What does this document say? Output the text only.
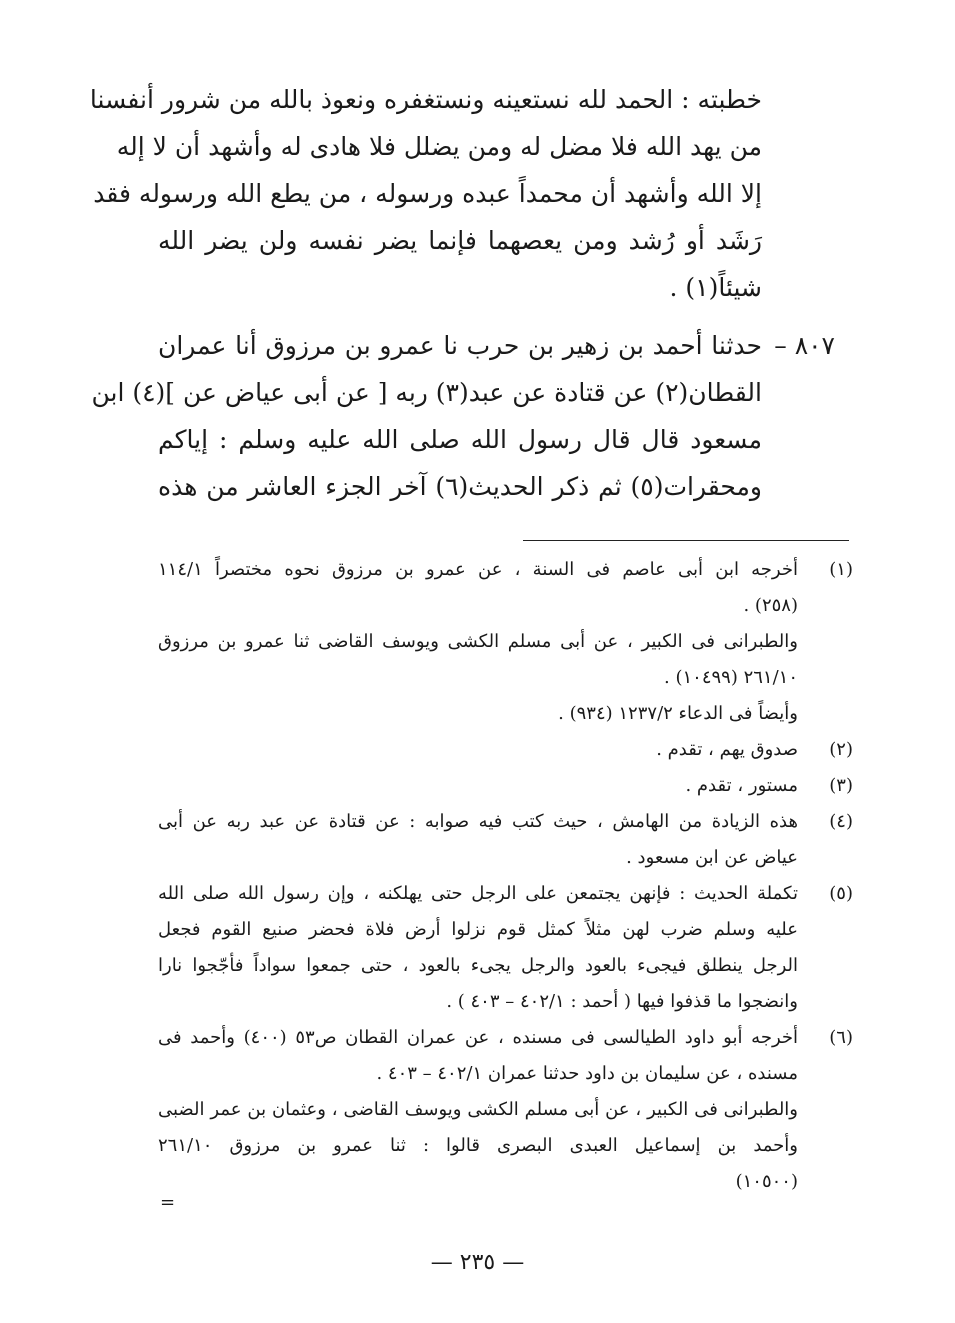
خطبته : الحمد لله نستعينه ونستغفره ونعوذ بالله من شرور أنفسنا
من يهد الله فلا مضل له ومن يضلل فلا هادى له وأشهد أن لا إله
إلا الله وأشهد أن محمداً عبده ورسوله ، من يطع الله ورسوله فقد
رَشَد أو رُشد ومن يعصهما فإنما يضر نفسه ولن يضر الله
شيئاً(١) .
٨٠٧ –
حدثنا أحمد بن زهير بن حرب نا عمرو بن مرزوق أنا عمران
القطان(٢) عن قتادة عن عبد(٣) ربه [ عن أبى عياض عن ](٤) ابن
مسعود قال قال رسول الله صلى الله عليه وسلم : إياكم
ومحقرات(٥) ثم ذكر الحديث(٦) آخر الجزء العاشر من هذه
(١)
أخرجه ابن أبى عاصم فى السنة ، عن عمرو بن مرزوق نحوه مختصراً ١١٤/١
(٢٥٨) .
والطبرانى فى الكبير ، عن أبى مسلم الكشى ويوسف القاضى ثنا عمرو بن مرزوق
٢٦١/١٠ (١٠٤٩٩) .
وأيضاً فى الدعاء ١٢٣٧/٢ (٩٣٤) .
(٢)
صدوق يهم ، تقدم .
(٣)
مستور ، تقدم .
(٤)
هذه الزيادة من الهامش ، حيث كتب فيه صوابه : عن قتادة عن عبد ربه عن أبى
عياض عن ابن مسعود .
(٥)
تكملة الحديث : فإنهن يجتمعن على الرجل حتى يهلكنه ، وإن رسول الله صلى الله
عليه وسلم ضرب لهن مثلاً كمثل قوم نزلوا أرض فلاة فحضر صنيع القوم فجعل
الرجل ينطلق فيجىء بالعود والرجل يجىء بالعود ، حتى جمعوا سواداً فأجّجوا نارا
وانضجوا ما قذفوا فيها ( أحمد : ٤٠٢/١ – ٤٠٣ ) .
(٦)
أخرجه أبو داود الطيالسى فى مسنده ، عن عمران القطان ص٥٣ (٤٠٠) وأحمد فى
مسنده ، عن سليمان بن داود حدثنا عمران ٤٠٢/١ – ٤٠٣ .
والطبرانى فى الكبير ، عن أبى مسلم الكشى ويوسف القاضى ، وعثمان بن عمر الضبى
وأحمد بن إسماعيل العبدى البصرى قالوا : ثنا عمرو بن مرزوق ٢٦١/١٠
(١٠٥٠٠)
=
— ٢٣٥ —
